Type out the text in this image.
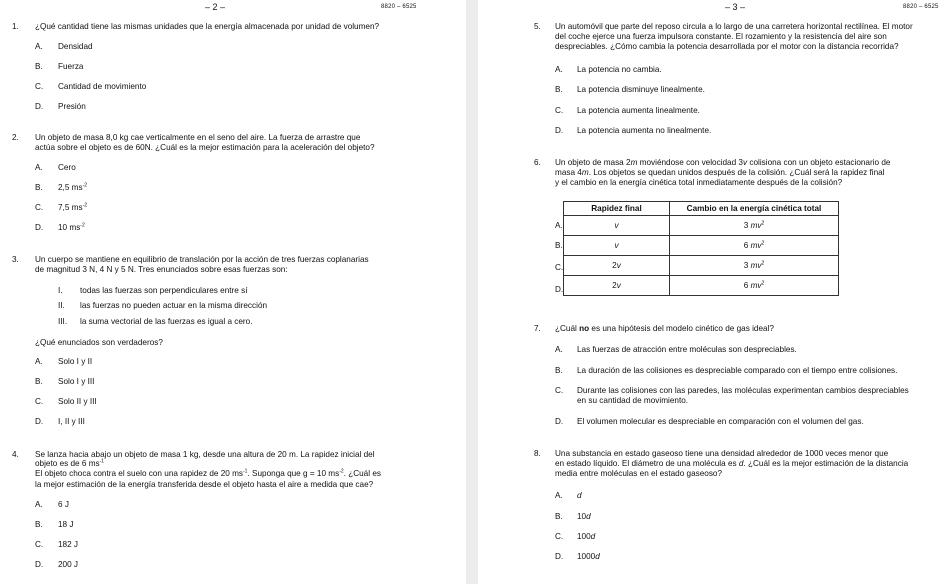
– 2 –	8820 – 6525
1. ¿Qué cantidad tiene las mismas unidades que la energía almacenada por unidad de volumen?
A. Densidad
B. Fuerza
C. Cantidad de movimiento
D. Presión
2. Un objeto de masa 8,0 kg cae verticalmente en el seno del aire. La fuerza de arrastre que
actúa sobre el objeto es de 60N. ¿Cuál es la mejor estimación para la aceleración del objeto?
A. Cero
B. 2,5 $ms^{-2}$
C. 7,5 $ms^{-2}$
D. 10 $ms^{-2}$
3. Un cuerpo se mantiene en equilibrio de translación por la acción de tres fuerzas coplanarias
de magnitud 3 N, 4 N y 5 N. Tres enunciados sobre esas fuerzas son:
I. todas las fuerzas son perpendiculares entre sí
II. las fuerzas no pueden actuar en la misma dirección
III. la suma vectorial de las fuerzas es igual a cero.
¿Qué enunciados son verdaderos?
A. Solo I y II
B. Solo I y III
C. Solo II y III
D. I, II y III
4. Se lanza hacia abajo un objeto de masa 1 kg, desde una altura de 20 m. La rapidez inicial del
objeto es de 6 $ms^{-1}$
El objeto choca contra el suelo con una rapidez de 20 $ms^{-1}$. Suponga que g = 10 $ms^{-2}$. ¿Cuál es
la mejor estimación de la energía transferida desde el objeto hasta el aire a medida que cae?
A. 6 J
B. 18 J
C. 182 J
D. 200 J
– 3 –	8820 – 6525
5. Un automóvil que parte del reposo circula a lo largo de una carretera horizontal rectilínea. El motor
del coche ejerce una fuerza impulsora constante. El rozamiento y la resistencia del aire son
despreciables. ¿Cómo cambia la potencia desarrollada por el motor con la distancia recorrida?
A. La potencia no cambia.
B. La potencia disminuye linealmente.
C. La potencia aumenta linealmente.
D. La potencia aumenta no linealmente.
6. Un objeto de masa 2m moviéndose con velocidad 3v colisiona con un objeto estacionario de
masa 4m. Los objetos se quedan unidos después de la colisión. ¿Cuál será la rapidez final
y el cambio en la energía cinética total inmediatamente después de la colisión?
A.
B.
C.
D.
Rapidez final	Cambio en la energía cinética total
v	3 $mv^2$
v	6 $mv^2$
2v	3 $mv^2$
2v	6 $mv^2$
7. ¿Cuál no es una hipótesis del modelo cinético de gas ideal?
A. Las fuerzas de atracción entre moléculas son despreciables.
B. La duración de las colisiones es despreciable comparado con el tiempo entre colisiones.
C. Durante las colisiones con las paredes, las moléculas experimentan cambios despreciables
en su cantidad de movimiento.
D. El volumen molecular es despreciable en comparación con el volumen del gas.
8. Una substancia en estado gaseoso tiene una densidad alrededor de 1000 veces menor que
en estado líquido. El diámetro de una molécula es d. ¿Cuál es la mejor estimación de la distancia
media entre moléculas en el estado gaseoso?
A. d
B. 10d
C. 100d
D. 1000d
